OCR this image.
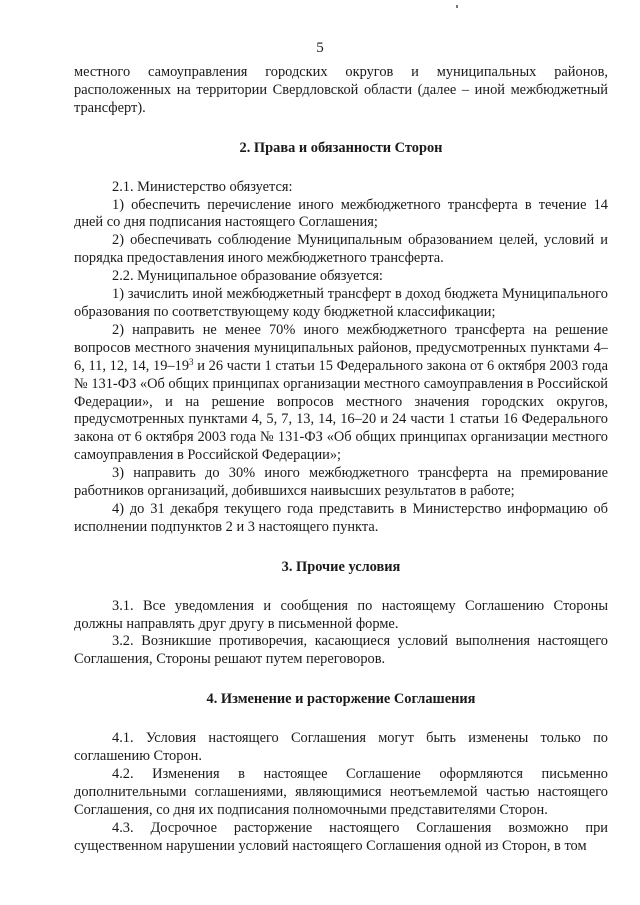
5

местного самоуправления городских округов и муниципальных районов, расположенных на территории Свердловской области (далее – иной межбюджетный трансферт).

2. Права и обязанности Сторон

2.1. Министерство обязуется:

1) обеспечить перечисление иного межбюджетного трансферта в течение 14 дней со дня подписания настоящего Соглашения;

2) обеспечивать соблюдение Муниципальным образованием целей, условий и порядка предоставления иного межбюджетного трансферта.

2.2. Муниципальное образование обязуется:

1) зачислить иной межбюджетный трансферт в доход бюджета Муниципального образования по соответствующему коду бюджетной классификации;

2) направить не менее 70% иного межбюджетного трансферта на решение вопросов местного значения муниципальных районов, предусмотренных пунктами 4–6, 11, 12, 14, $19-19^3$ и 26 части 1 статьи 15 Федерального закона от 6 октября 2003 года № 131-ФЗ «Об общих принципах организации местного самоуправления в Российской Федерации», и на решение вопросов местного значения городских округов, предусмотренных пунктами 4, 5, 7, 13, 14, 16–20 и 24 части 1 статьи 16 Федерального закона от 6 октября 2003 года № 131-ФЗ «Об общих принципах организации местного самоуправления в Российской Федерации»;

3) направить до 30% иного межбюджетного трансферта на премирование работников организаций, добившихся наивысших результатов в работе;

4) до 31 декабря текущего года представить в Министерство информацию об исполнении подпунктов 2 и 3 настоящего пункта.

3. Прочие условия

3.1. Все уведомления и сообщения по настоящему Соглашению Стороны должны направлять друг другу в письменной форме.

3.2. Возникшие противоречия, касающиеся условий выполнения настоящего Соглашения, Стороны решают путем переговоров.

4. Изменение и расторжение Соглашения

4.1. Условия настоящего Соглашения могут быть изменены только по соглашению Сторон.

4.2. Изменения в настоящее Соглашение оформляются письменно дополнительными соглашениями, являющимися неотъемлемой частью настоящего Соглашения, со дня их подписания полномочными представителями Сторон.

4.3. Досрочное расторжение настоящего Соглашения возможно при существенном нарушении условий настоящего Соглашения одной из Сторон, в том
